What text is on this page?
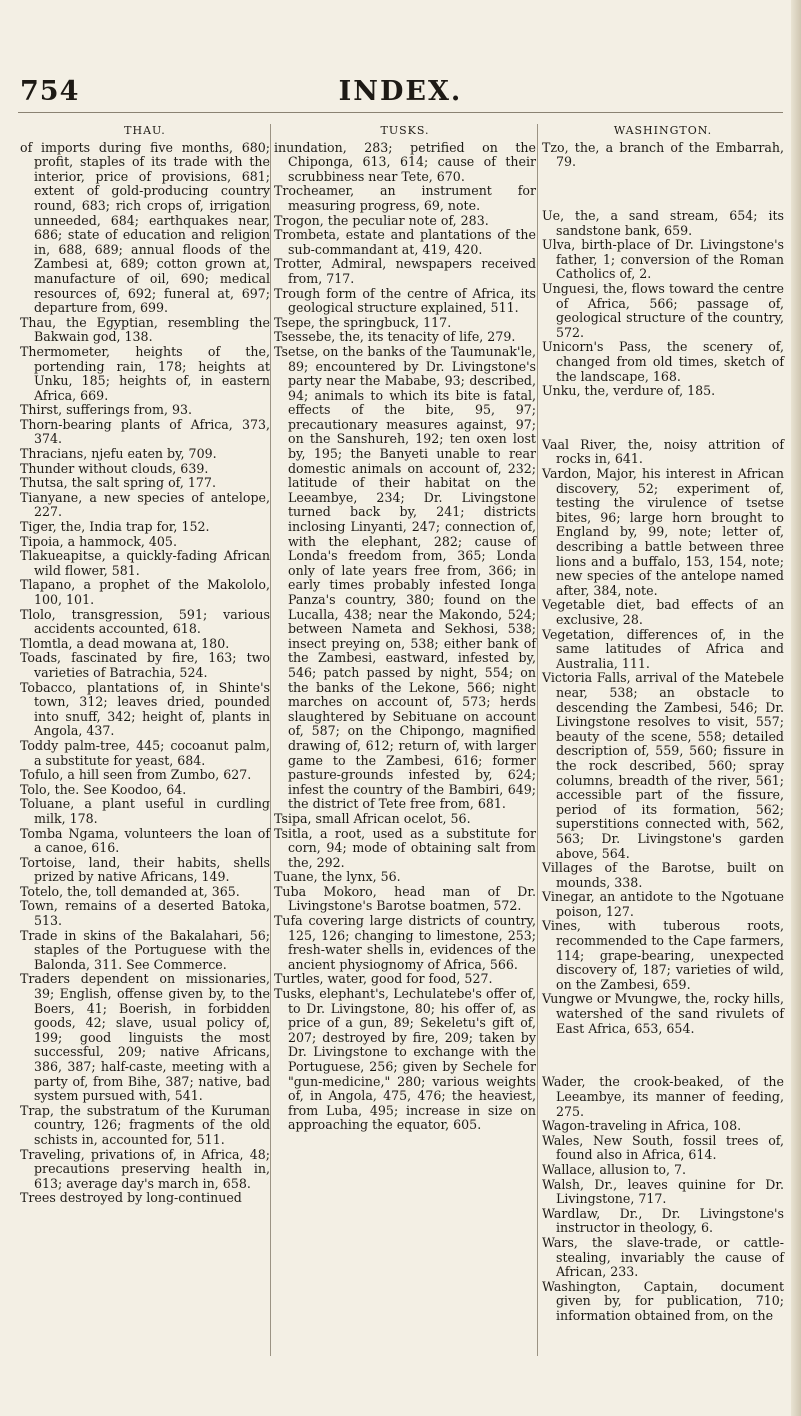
754	INDEX.
THAU.

of imports during five months, 680; profit, staples of its trade with the interior, price of provisions, 681; extent of gold-producing country round, 683; rich crops of, irrigation unneeded, 684; earthquakes near, 686; state of education and religion in, 688, 689; annual floods of the Zambesi at, 689; cotton grown at, manufacture of oil, 690; medical resources of, 692; funeral at, 697; departure from, 699.

Thau, the Egyptian, resembling the Bakwain god, 138.

Thermometer, heights of the, portending rain, 178; heights at Unku, 185; heights of, in eastern Africa, 669.

Thirst, sufferings from, 93.

Thorn-bearing plants of Africa, 373, 374.

Thracians, njefu eaten by, 709.

Thunder without clouds, 639.

Thutsa, the salt spring of, 177.

Tianyane, a new species of antelope, 227.

Tiger, the, India trap for, 152.

Tipoia, a hammock, 405.

Tlakueapitse, a quickly-fading African wild flower, 581.

Tlapano, a prophet of the Makololo, 100, 101.

Tlolo, transgression, 591; various accidents accounted, 618.

Tlomtla, a dead mowana at, 180.

Toads, fascinated by fire, 163; two varieties of Batrachia, 524.

Tobacco, plantations of, in Shinte's town, 312; leaves dried, pounded into snuff, 342; height of, plants in Angola, 437.

Toddy palm-tree, 445; cocoanut palm, a substitute for yeast, 684.

Tofulo, a hill seen from Zumbo, 627.

Tolo, the. See Koodoo, 64.

Toluane, a plant useful in curdling milk, 178.

Tomba Ngama, volunteers the loan of a canoe, 616.

Tortoise, land, their habits, shells prized by native Africans, 149.

Totelo, the, toll demanded at, 365.

Town, remains of a deserted Batoka, 513.

Trade in skins of the Bakalahari, 56; staples of the Portuguese with the Balonda, 311. See Commerce.

Traders dependent on missionaries, 39; English, offense given by, to the Boers, 41; Boerish, in forbidden goods, 42; slave, usual policy of, 199; good linguists the most successful, 209; native Africans, 386, 387; half-caste, meeting with a party of, from Bihe, 387; native, bad system pursued with, 541.

Trap, the substratum of the Kuruman country, 126; fragments of the old schists in, accounted for, 511.

Traveling, privations of, in Africa, 48; precautions preserving health in, 613; average day's march in, 658.

Trees destroyed by long-continued

TUSKS.

inundation, 283; petrified on the Chiponga, 613, 614; cause of their scrubbiness near Tete, 670.

Trocheamer, an instrument for measuring progress, 69, note.

Trogon, the peculiar note of, 283.

Trombeta, estate and plantations of the sub-commandant at, 419, 420.

Trotter, Admiral, newspapers received from, 717.

Trough form of the centre of Africa, its geological structure explained, 511.

Tsepe, the springbuck, 117.

Tsessebe, the, its tenacity of life, 279.

Tsetse, on the banks of the Taumunak'le, 89; encountered by Dr. Livingstone's party near the Mababe, 93; described, 94; animals to which its bite is fatal, effects of the bite, 95, 97; precautionary measures against, 97; on the Sanshureh, 192; ten oxen lost by, 195; the Banyeti unable to rear domestic animals on account of, 232; latitude of their habitat on the Leeambye, 234; Dr. Livingstone turned back by, 241; districts inclosing Linyanti, 247; connection of, with the elephant, 282; cause of Londa's freedom from, 365; Londa only of late years free from, 366; in early times probably infested Ionga Panza's country, 380; found on the Lucalla, 438; near the Makondo, 524; between Nameta and Sekhosi, 538; insect preying on, 538; either bank of the Zambesi, eastward, infested by, 546; patch passed by night, 554; on the banks of the Lekone, 566; night marches on account of, 573; herds slaughtered by Sebituane on account of, 587; on the Chipongo, magnified drawing of, 612; return of, with larger game to the Zambesi, 616; former pasture-grounds infested by, 624; infest the country of the Bambiri, 649; the district of Tete free from, 681.

Tsipa, small African ocelot, 56.

Tsitla, a root, used as a substitute for corn, 94; mode of obtaining salt from the, 292.

Tuane, the lynx, 56.

Tuba Mokoro, head man of Dr. Livingstone's Barotse boatmen, 572.

Tufa covering large districts of country, 125, 126; changing to limestone, 253; fresh-water shells in, evidences of the ancient physiognomy of Africa, 566.

Turtles, water, good for food, 527.

Tusks, elephant's, Lechulatebe's offer of, to Dr. Livingstone, 80; his offer of, as price of a gun, 89; Sekeletu's gift of, 207; destroyed by fire, 209; taken by Dr. Livingstone to exchange with the Portuguese, 256; given by Sechele for "gun-medicine," 280; various weights of, in Angola, 475, 476; the heaviest, from Luba, 495; increase in size on approaching the equator, 605.

WASHINGTON.

Tzo, the, a branch of the Embarrah, 79.

Ue, the, a sand stream, 654; its sandstone bank, 659.

Ulva, birth-place of Dr. Livingstone's father, 1; conversion of the Roman Catholics of, 2.

Unguesi, the, flows toward the centre of Africa, 566; passage of, geological structure of the country, 572.

Unicorn's Pass, the scenery of, changed from old times, sketch of the landscape, 168.

Unku, the, verdure of, 185.

Vaal River, the, noisy attrition of rocks in, 641.

Vardon, Major, his interest in African discovery, 52; experiment of, testing the virulence of tsetse bites, 96; large horn brought to England by, 99, note; letter of, describing a battle between three lions and a buffalo, 153, 154, note; new species of the antelope named after, 384, note.

Vegetable diet, bad effects of an exclusive, 28.

Vegetation, differences of, in the same latitudes of Africa and Australia, 111.

Victoria Falls, arrival of the Matebele near, 538; an obstacle to descending the Zambesi, 546; Dr. Livingstone resolves to visit, 557; beauty of the scene, 558; detailed description of, 559, 560; fissure in the rock described, 560; spray columns, breadth of the river, 561; accessible part of the fissure, period of its formation, 562; superstitions connected with, 562, 563; Dr. Livingstone's garden above, 564.

Villages of the Barotse, built on mounds, 338.

Vinegar, an antidote to the Ngotuane poison, 127.

Vines, with tuberous roots, recommended to the Cape farmers, 114; grape-bearing, unexpected discovery of, 187; varieties of wild, on the Zambesi, 659.

Vungwe or Mvungwe, the, rocky hills, watershed of the sand rivulets of East Africa, 653, 654.

Wader, the crook-beaked, of the Leeambye, its manner of feeding, 275.

Wagon-traveling in Africa, 108.

Wales, New South, fossil trees of, found also in Africa, 614.

Wallace, allusion to, 7.

Walsh, Dr., leaves quinine for Dr. Livingstone, 717.

Wardlaw, Dr., Dr. Livingstone's instructor in theology, 6.

Wars, the slave-trade, or cattle-stealing, invariably the cause of African, 233.

Washington, Captain, document given by, for publication, 710; information obtained from, on the
